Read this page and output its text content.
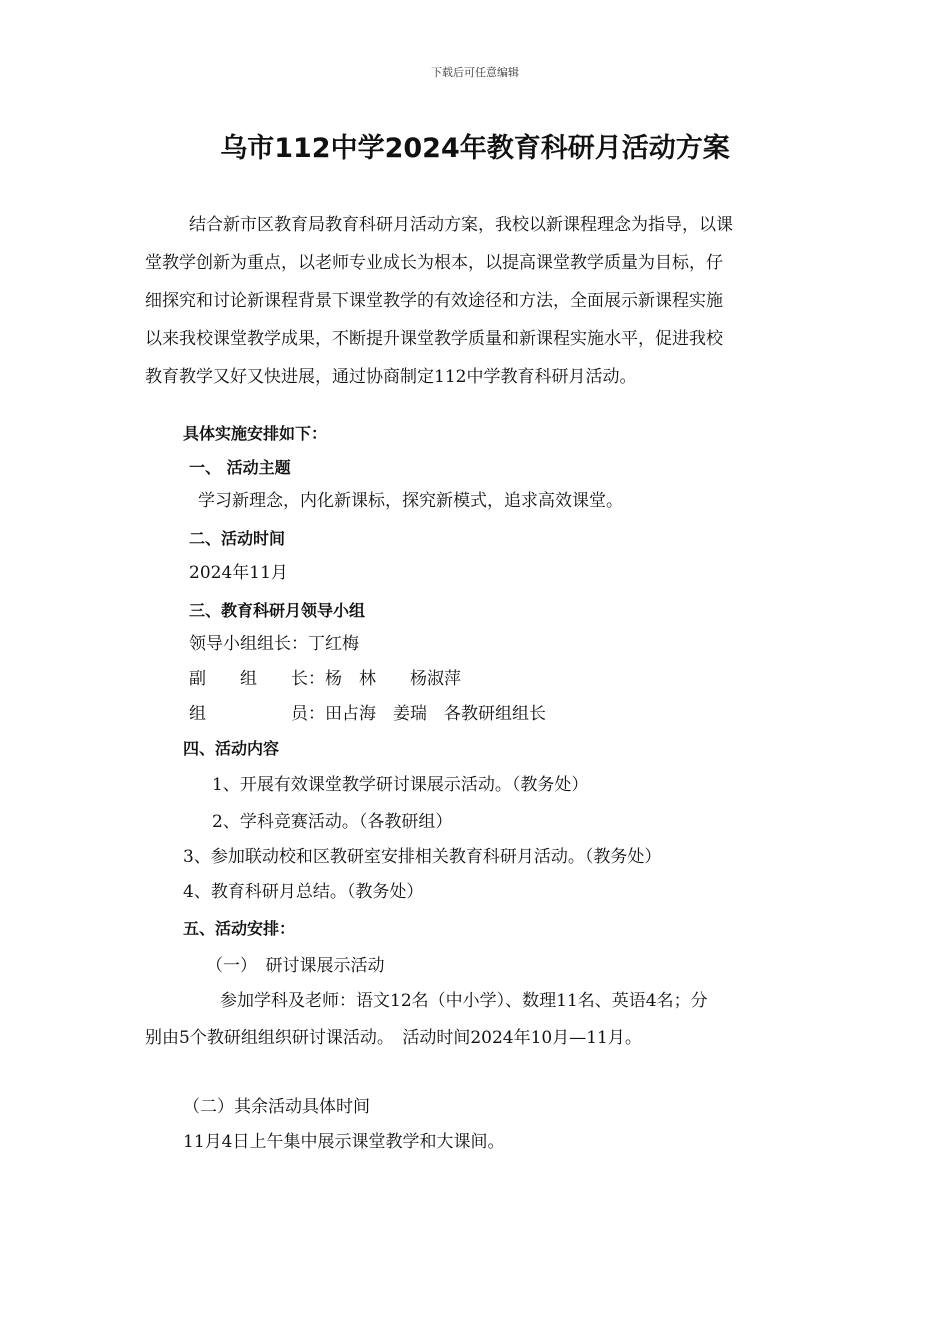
下载后可任意编辑
乌市112中学2024年教育科研月活动方案
结合新市区教育局教育科研月活动方案，我校以新课程理念为指导，以课
堂教学创新为重点，以老师专业成长为根本，以提高课堂教学质量为目标，仔
细探究和讨论新课程背景下课堂教学的有效途径和方法，全面展示新课程实施
以来我校课堂教学成果，不断提升课堂教学质量和新课程实施水平，促进我校
教育教学又好又快进展，通过协商制定112中学教育科研月活动。
具体实施安排如下：
一、 活动主题
学习新理念，内化新课标，探究新模式，追求高效课堂。
二、活动时间
2024年11月
三、教育科研月领导小组
领导小组组长：丁红梅
副　　组　　长：杨　林　　杨淑萍
组　　　　　员：田占海　姜瑞　各教研组组长
四、活动内容
1、开展有效课堂教学研讨课展示活动。（教务处）
2、学科竞赛活动。（各教研组）
3、参加联动校和区教研室安排相关教育科研月活动。（教务处）
4、教育科研月总结。（教务处）
五、活动安排：
（一）　研讨课展示活动
参加学科及老师：语文12名（中小学）、数理11名、英语4名；分
别由5个教研组组织研讨课活动。　活动时间2024年10月—11月。
（二）其余活动具体时间
11月4日上午集中展示课堂教学和大课间。
